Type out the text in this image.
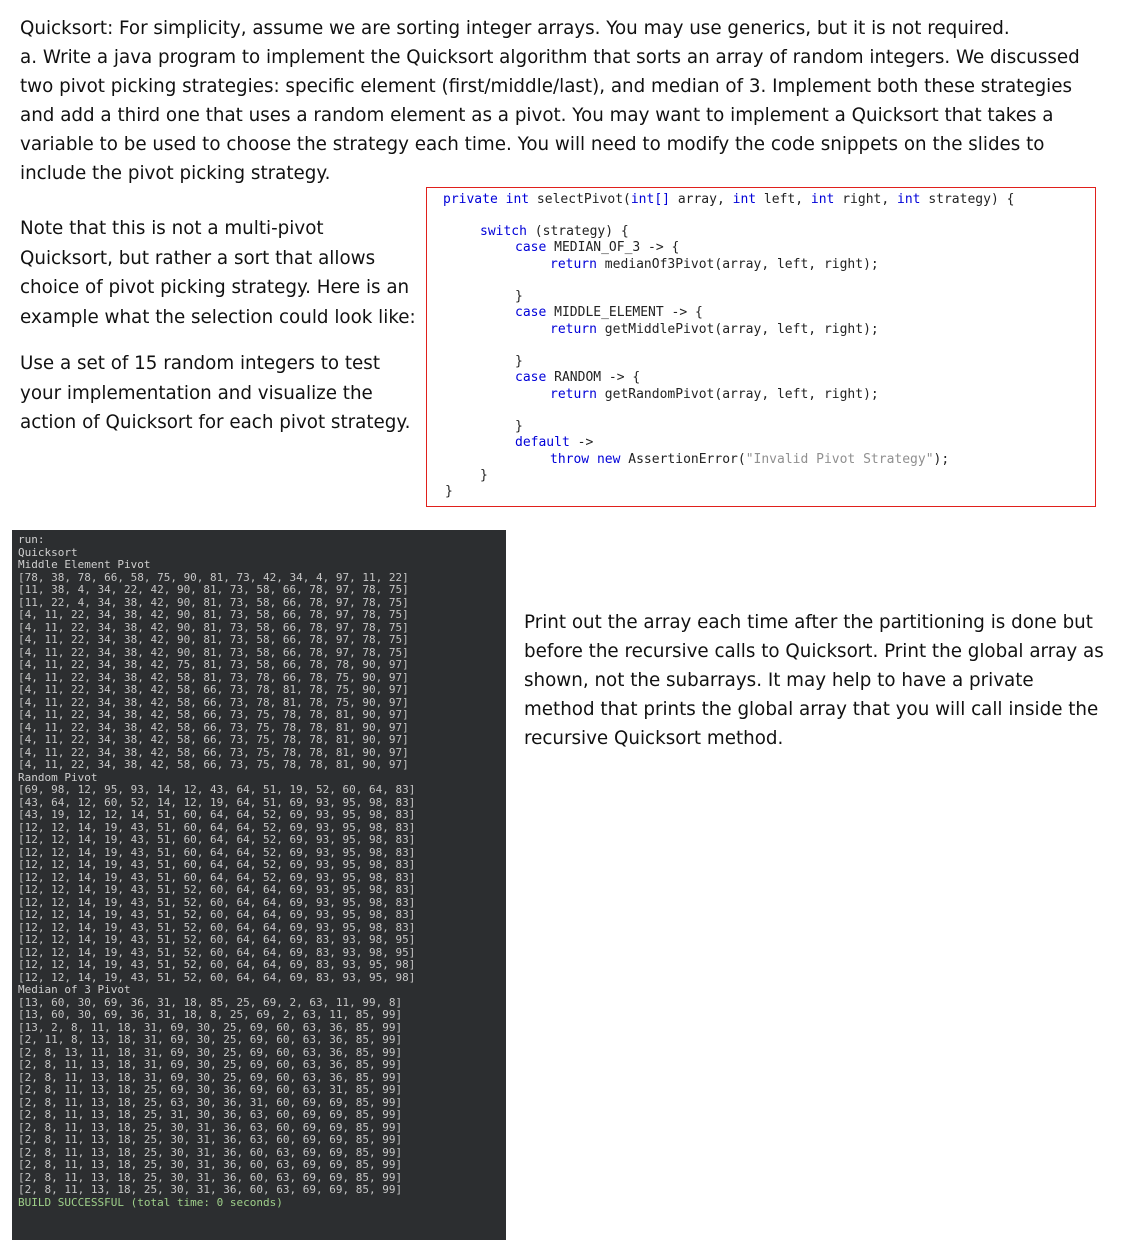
Quicksort: For simplicity, assume we are sorting integer arrays. You may use generics, but it is not required.

a. Write a java program to implement the Quicksort algorithm that sorts an array of random integers. We discussed two pivot picking strategies: specific element (first/middle/last), and median of 3. Implement both these strategies and add a third one that uses a random element as a pivot. You may want to implement a Quicksort that takes a variable to be used to choose the strategy each time. You will need to modify the code snippets on the slides to include the pivot picking strategy.

Note that this is not a multi-pivot Quicksort, but rather a sort that allows choice of pivot picking strategy. Here is an example what the selection could look like:

Use a set of 15 random integers to test your implementation and visualize the action of Quicksort for each pivot strategy.

private int selectPivot(int[] array, int left, int right, int strategy) {
switch (strategy) {
case MEDIAN_OF_3 -> {
return medianOf3Pivot(array, left, right);
}
case MIDDLE_ELEMENT -> {
return getMiddlePivot(array, left, right);
}
case RANDOM -> {
return getRandomPivot(array, left, right);
}
default ->
throw new AssertionError("Invalid Pivot Strategy");
}
}
run:
Quicksort
Middle Element Pivot
[78, 38, 78, 66, 58, 75, 90, 81, 73, 42, 34, 4, 97, 11, 22]
[11, 38, 4, 34, 22, 42, 90, 81, 73, 58, 66, 78, 97, 78, 75]
[11, 22, 4, 34, 38, 42, 90, 81, 73, 58, 66, 78, 97, 78, 75]
[4, 11, 22, 34, 38, 42, 90, 81, 73, 58, 66, 78, 97, 78, 75]
[4, 11, 22, 34, 38, 42, 90, 81, 73, 58, 66, 78, 97, 78, 75]
[4, 11, 22, 34, 38, 42, 90, 81, 73, 58, 66, 78, 97, 78, 75]
[4, 11, 22, 34, 38, 42, 90, 81, 73, 58, 66, 78, 97, 78, 75]
[4, 11, 22, 34, 38, 42, 75, 81, 73, 58, 66, 78, 78, 90, 97]
[4, 11, 22, 34, 38, 42, 58, 81, 73, 78, 66, 78, 75, 90, 97]
[4, 11, 22, 34, 38, 42, 58, 66, 73, 78, 81, 78, 75, 90, 97]
[4, 11, 22, 34, 38, 42, 58, 66, 73, 78, 81, 78, 75, 90, 97]
[4, 11, 22, 34, 38, 42, 58, 66, 73, 75, 78, 78, 81, 90, 97]
[4, 11, 22, 34, 38, 42, 58, 66, 73, 75, 78, 78, 81, 90, 97]
[4, 11, 22, 34, 38, 42, 58, 66, 73, 75, 78, 78, 81, 90, 97]
[4, 11, 22, 34, 38, 42, 58, 66, 73, 75, 78, 78, 81, 90, 97]
[4, 11, 22, 34, 38, 42, 58, 66, 73, 75, 78, 78, 81, 90, 97]
Random Pivot
[69, 98, 12, 95, 93, 14, 12, 43, 64, 51, 19, 52, 60, 64, 83]
[43, 64, 12, 60, 52, 14, 12, 19, 64, 51, 69, 93, 95, 98, 83]
[43, 19, 12, 12, 14, 51, 60, 64, 64, 52, 69, 93, 95, 98, 83]
[12, 12, 14, 19, 43, 51, 60, 64, 64, 52, 69, 93, 95, 98, 83]
[12, 12, 14, 19, 43, 51, 60, 64, 64, 52, 69, 93, 95, 98, 83]
[12, 12, 14, 19, 43, 51, 60, 64, 64, 52, 69, 93, 95, 98, 83]
[12, 12, 14, 19, 43, 51, 60, 64, 64, 52, 69, 93, 95, 98, 83]
[12, 12, 14, 19, 43, 51, 60, 64, 64, 52, 69, 93, 95, 98, 83]
[12, 12, 14, 19, 43, 51, 52, 60, 64, 64, 69, 93, 95, 98, 83]
[12, 12, 14, 19, 43, 51, 52, 60, 64, 64, 69, 93, 95, 98, 83]
[12, 12, 14, 19, 43, 51, 52, 60, 64, 64, 69, 93, 95, 98, 83]
[12, 12, 14, 19, 43, 51, 52, 60, 64, 64, 69, 93, 95, 98, 83]
[12, 12, 14, 19, 43, 51, 52, 60, 64, 64, 69, 83, 93, 98, 95]
[12, 12, 14, 19, 43, 51, 52, 60, 64, 64, 69, 83, 93, 98, 95]
[12, 12, 14, 19, 43, 51, 52, 60, 64, 64, 69, 83, 93, 95, 98]
[12, 12, 14, 19, 43, 51, 52, 60, 64, 64, 69, 83, 93, 95, 98]
Median of 3 Pivot
[13, 60, 30, 69, 36, 31, 18, 85, 25, 69, 2, 63, 11, 99, 8]
[13, 60, 30, 69, 36, 31, 18, 8, 25, 69, 2, 63, 11, 85, 99]
[13, 2, 8, 11, 18, 31, 69, 30, 25, 69, 60, 63, 36, 85, 99]
[2, 11, 8, 13, 18, 31, 69, 30, 25, 69, 60, 63, 36, 85, 99]
[2, 8, 13, 11, 18, 31, 69, 30, 25, 69, 60, 63, 36, 85, 99]
[2, 8, 11, 13, 18, 31, 69, 30, 25, 69, 60, 63, 36, 85, 99]
[2, 8, 11, 13, 18, 31, 69, 30, 25, 69, 60, 63, 36, 85, 99]
[2, 8, 11, 13, 18, 25, 69, 30, 36, 69, 60, 63, 31, 85, 99]
[2, 8, 11, 13, 18, 25, 63, 30, 36, 31, 60, 69, 69, 85, 99]
[2, 8, 11, 13, 18, 25, 31, 30, 36, 63, 60, 69, 69, 85, 99]
[2, 8, 11, 13, 18, 25, 30, 31, 36, 63, 60, 69, 69, 85, 99]
[2, 8, 11, 13, 18, 25, 30, 31, 36, 63, 60, 69, 69, 85, 99]
[2, 8, 11, 13, 18, 25, 30, 31, 36, 60, 63, 69, 69, 85, 99]
[2, 8, 11, 13, 18, 25, 30, 31, 36, 60, 63, 69, 69, 85, 99]
[2, 8, 11, 13, 18, 25, 30, 31, 36, 60, 63, 69, 69, 85, 99]
[2, 8, 11, 13, 18, 25, 30, 31, 36, 60, 63, 69, 69, 85, 99]
BUILD SUCCESSFUL (total time: 0 seconds)

Print out the array each time after the partitioning is done but before the recursive calls to Quicksort. Print the global array as shown, not the subarrays. It may help to have a private method that prints the global array that you will call inside the recursive Quicksort method.
